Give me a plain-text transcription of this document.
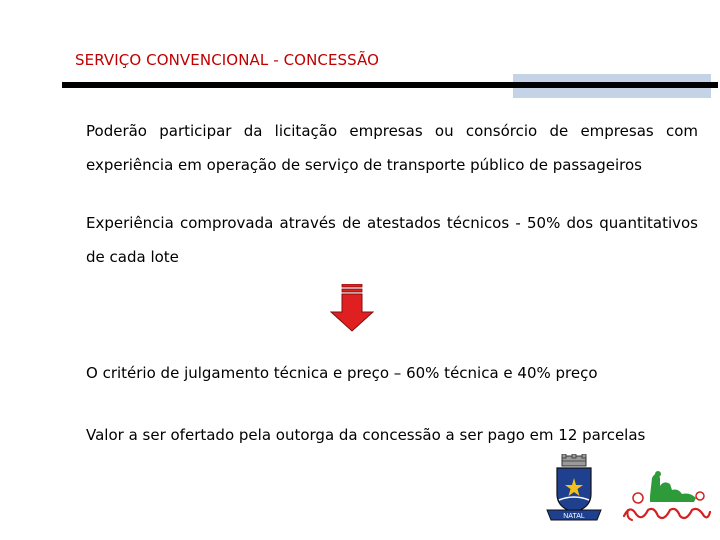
SERVIÇO CONVENCIONAL - CONCESSÃO

Poderão participar da licitação empresas ou consórcio de empresas com experiência em operação de serviço de transporte público de passageiros

Experiência comprovada através de atestados técnicos - 50% dos quantitativos de cada lote

O critério de julgamento técnica e preço – 60% técnica e 40% preço

Valor a ser ofertado pela outorga da concessão a ser pago em 12 parcelas

NATAL
